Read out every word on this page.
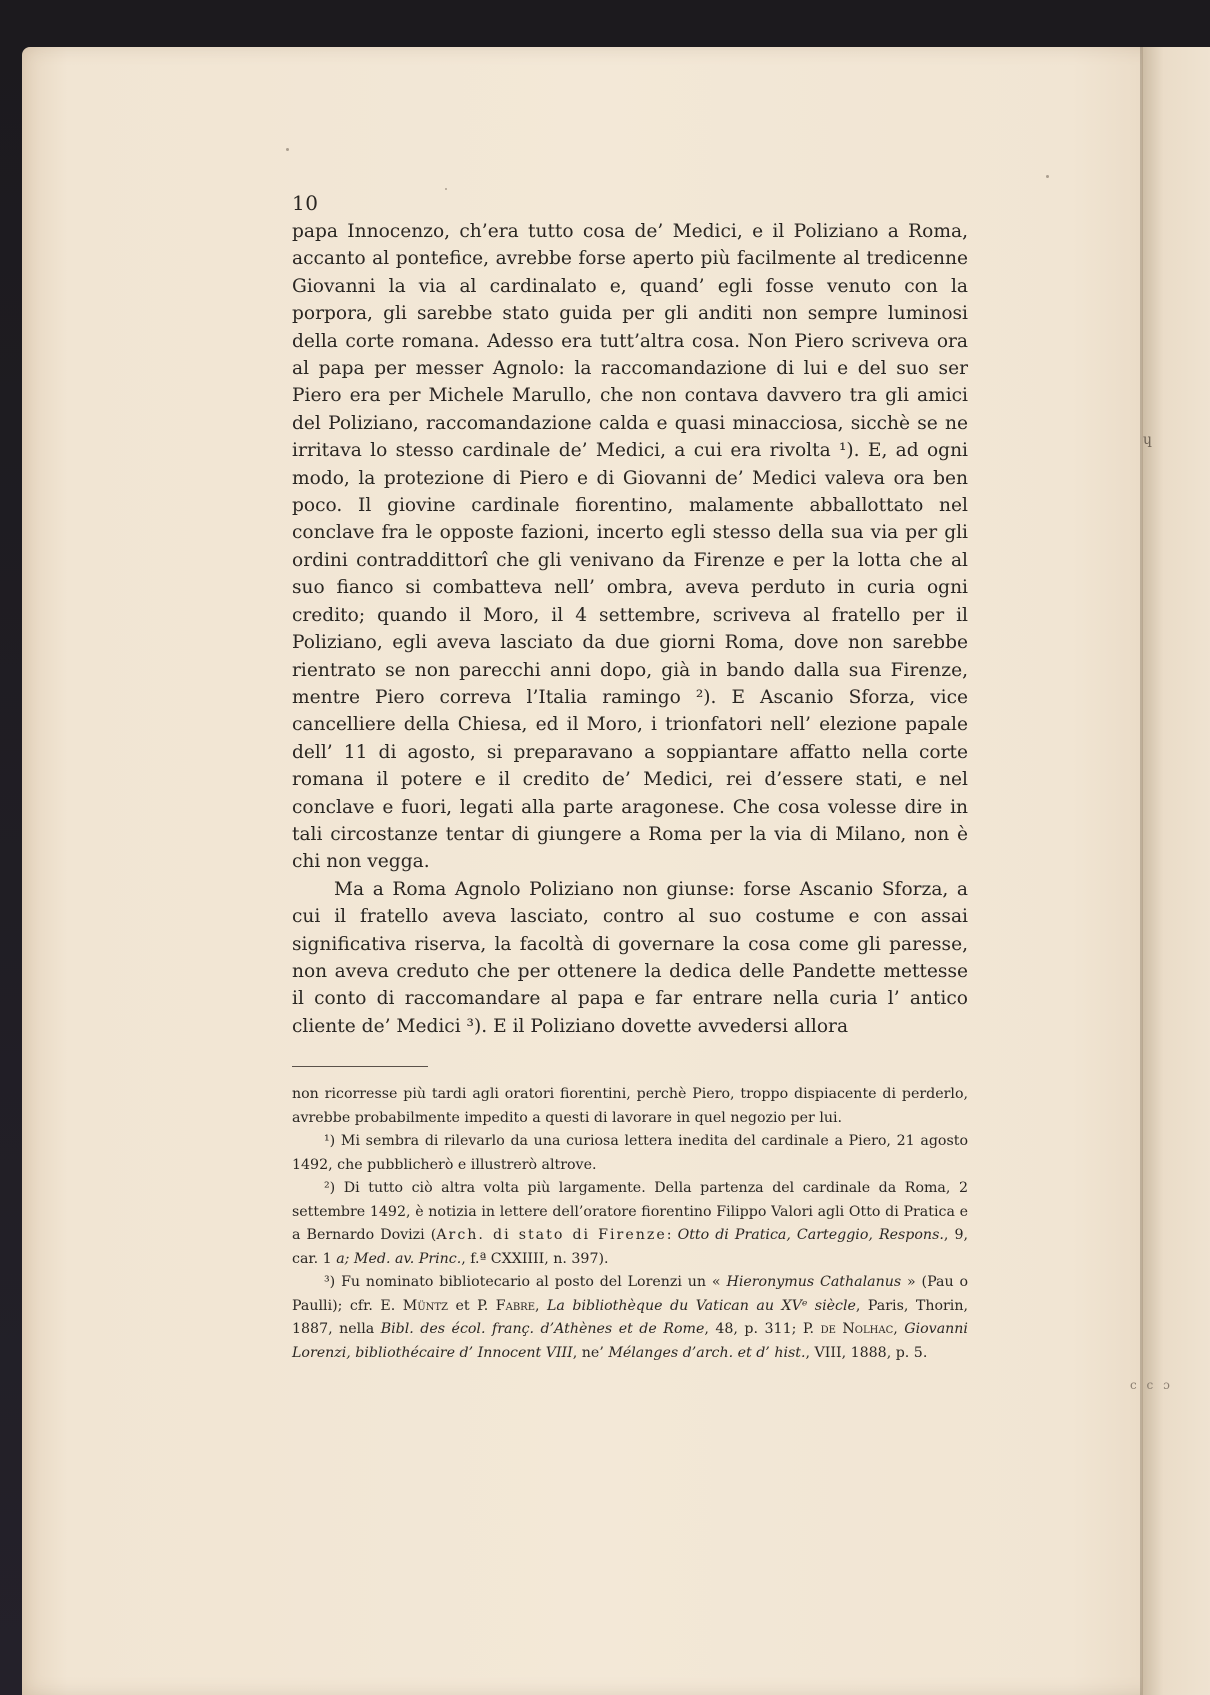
ɥ
c c ɔ
10

papa Innocenzo, ch’era tutto cosa de’ Medici, e il Poliziano a Roma, accanto al pontefice, avrebbe forse aperto più facilmente al tredicenne Giovanni la via al cardinalato e, quand’ egli fosse venuto con la porpora, gli sarebbe stato guida per gli anditi non sempre luminosi della corte romana. Adesso era tutt’altra cosa. Non Piero scriveva ora al papa per messer Agnolo: la raccomandazione di lui e del suo ser Piero era per Michele Marullo, che non contava davvero tra gli amici del Poliziano, raccomandazione calda e quasi minacciosa, sicchè se ne irritava lo stesso cardinale de’ Medici, a cui era rivolta ¹). E, ad ogni modo, la protezione di Piero e di Giovanni de’ Medici valeva ora ben poco. Il giovine cardinale fiorentino, malamente abballottato nel conclave fra le opposte fazioni, incerto egli stesso della sua via per gli ordini contraddittorî che gli venivano da Firenze e per la lotta che al suo fianco si combatteva nell’ ombra, aveva perduto in curia ogni credito; quando il Moro, il 4 settembre, scriveva al fratello per il Poliziano, egli aveva lasciato da due giorni Roma, dove non sarebbe rientrato se non parecchi anni dopo, già in bando dalla sua Firenze, mentre Piero correva l’Italia ramingo ²). E Ascanio Sforza, vice cancelliere della Chiesa, ed il Moro, i trionfatori nell’ elezione papale dell’ 11 di agosto, si preparavano a soppiantare affatto nella corte romana il potere e il credito de’ Medici, rei d’essere stati, e nel conclave e fuori, legati alla parte aragonese. Che cosa volesse dire in tali circostanze tentar di giungere a Roma per la via di Milano, non è chi non vegga.

Ma a Roma Agnolo Poliziano non giunse: forse Ascanio Sforza, a cui il fratello aveva lasciato, contro al suo costume e con assai significativa riserva, la facoltà di governare la cosa come gli paresse, non aveva creduto che per ottenere la dedica delle Pandette mettesse il conto di raccomandare al papa e far entrare nella curia l’ antico cliente de’ Medici ³). E il Poliziano dovette avvedersi allora

non ricorresse più tardi agli oratori fiorentini, perchè Piero, troppo dispiacente di perderlo, avrebbe probabilmente impedito a questi di lavorare in quel negozio per lui.

¹) Mi sembra di rilevarlo da una curiosa lettera inedita del cardinale a Piero, 21 agosto 1492, che pubblicherò e illustrerò altrove.

²) Di tutto ciò altra volta più largamente. Della partenza del cardinale da Roma, 2 settembre 1492, è notizia in lettere dell’oratore fiorentino Filippo Valori agli Otto di Pratica e a Bernardo Dovizi (Arch. di stato di Firenze: Otto di Pratica, Carteggio, Respons., 9, car. 1 a; Med. av. Princ., f.ª CXXIIII, n. 397).

³) Fu nominato bibliotecario al posto del Lorenzi un « Hieronymus Cathalanus » (Pau o Paulli); cfr. E. Müntz et P. Fabre, La bibliothèque du Vatican au XVᵉ siècle, Paris, Thorin, 1887, nella Bibl. des écol. franç. d’Athènes et de Rome, 48, p. 311; P. de Nolhac, Giovanni Lorenzi, bibliothécaire d’ Innocent VIII, ne’ Mélanges d’arch. et d’ hist., VIII, 1888, p. 5.
